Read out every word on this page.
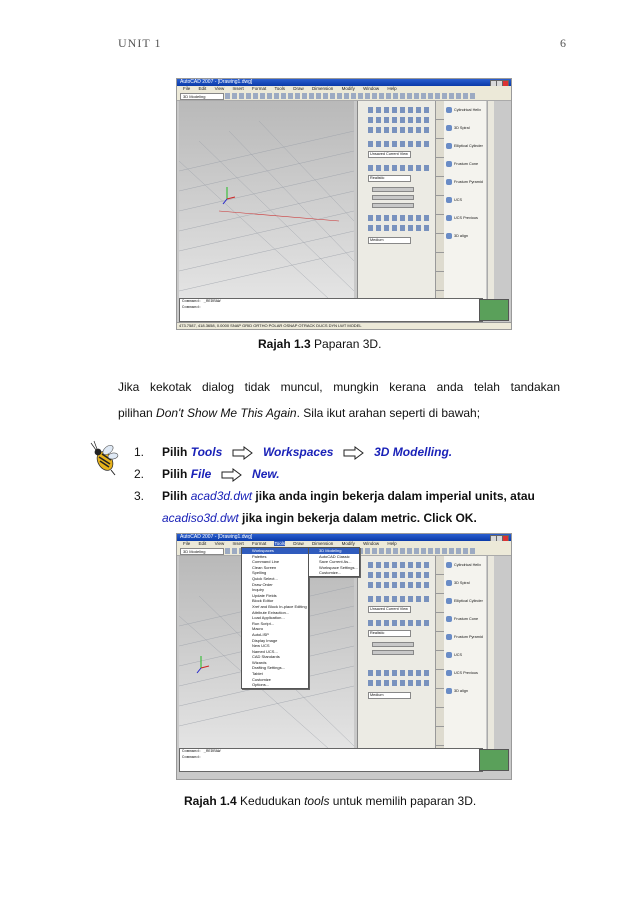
UNIT 1	6
AutoCAD 2007 - [Drawing1.dwg]
File Edit View Insert Format Tools Draw Dimension Modify Window Help
3D Modeling
Unsaved Current View
Realistic
Medium
Cylindrical Helix
3D Spiral
Elliptical Cylinder
Frustum Cone
Frustum Pyramid
UCS
UCS Previous
3D align
Command: _REDRAW
Command:
473.7587, 418.3658, 0.0000 SNAP GRID ORTHO POLAR OSNAP OTRACK DUCS DYN LWT MODEL
Rajah 1.3 Paparan 3D.
Jika kekotak dialog tidak muncul, mungkin kerana anda telah tandakan
pilihan Don't Show Me This Again. Sila ikut arahan seperti di bawah;
1. Pilih Tools	Workspaces	3D Modelling.
2. Pilih File	New.
3. Pilih acad3d.dwt jika anda ingin bekerja dalam imperial units, atau
acadiso3d.dwt jika ingin bekerja dalam metric. Click OK.
AutoCAD 2007 - [Drawing1.dwg]
File Edit View Insert Format Tools Draw Dimension Modify Window Help
3D Modeling
Unsaved Current View
Realistic
Medium
Cylindrical Helix
3D Spiral
Elliptical Cylinder
Frustum Cone
Frustum Pyramid
UCS
UCS Previous
3D align
Command: _REDRAW
Command:
Workspaces
Palettes
Command Line
Clean Screen
Spelling
Quick Select...
Draw Order
Inquiry
Update Fields
Block Editor
Xref and Block In-place Editing
Attribute Extraction...
Load Application...
Run Script...
Macro
AutoLISP
Display Image
New UCS
Named UCS...
CAD Standards
Wizards
Drafting Settings...
Tablet
Customize
Options...
3D Modeling
AutoCAD Classic
Save Current As...
Workspace Settings...
Customize...
Rajah 1.4 Kedudukan tools untuk memilih paparan 3D.
